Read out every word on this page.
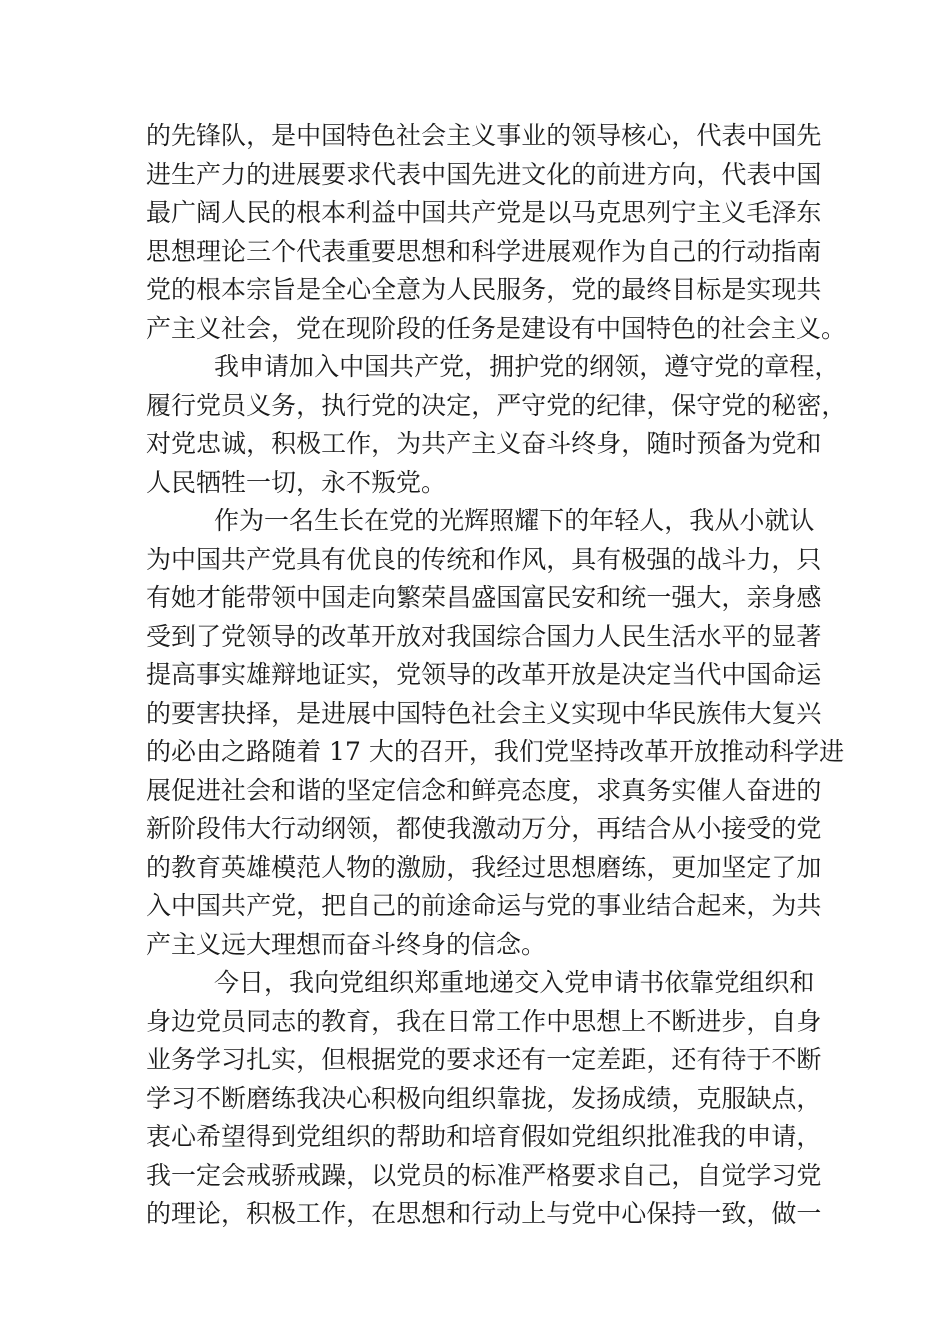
的 先 锋 队 ， 是 中 国 特 色 社 会 主 义 事 业 的 领 导 核 心 ， 代 表 中 国 先
进 生 产 力 的 进 展 要 求 代 表 中 国 先 进 文 化 的 前 进 方 向 ， 代 表 中 国
最 广 阔 人 民 的 根 本 利 益 中 国 共 产 党 是 以 马 克 思 列 宁 主 义 毛 泽 东
思 想 理 论 三 个 代 表 重 要 思 想 和 科 学 进 展 观 作 为 自 己 的 行 动 指 南
党 的 根 本 宗 旨 是 全 心 全 意 为 人 民 服 务 ， 党 的 最 终 目 标 是 实 现 共
产主义社会，党在现阶段的任务是建设有中国特色的社会主义。
我 申 请 加 入 中 国 共 产 党 ， 拥 护 党 的 纲 领 ， 遵 守 党 的 章 程 ，
履 行 党 员 义 务 ， 执 行 党 的 决 定 ， 严 守 党 的 纪 律 ， 保 守 党 的 秘 密 ，
对 党 忠 诚 ， 积 极 工 作 ， 为 共 产 主 义 奋 斗 终 身 ， 随 时 预 备 为 党 和
人民牺牲一切，永不叛党。
作 为 一 名 生 长 在 党 的 光 辉 照 耀 下 的 年 轻 人 ， 我 从 小 就 认
为 中 国 共 产 党 具 有 优 良 的 传 统 和 作 风 ， 具 有 极 强 的 战 斗 力 ， 只
有 她 才 能 带 领 中 国 走 向 繁 荣 昌 盛 国 富 民 安 和 统 一 强 大 ， 亲 身 感
受 到 了 党 领 导 的 改 革 开 放 对 我 国 综 合 国 力 人 民 生 活 水 平 的 显 著
提 高 事 实 雄 辩 地 证 实 ， 党 领 导 的 改 革 开 放 是 决 定 当 代 中 国 命 运
的 要 害 抉 择 ， 是 进 展 中 国 特 色 社 会 主 义 实 现 中 华 民 族 伟 大 复 兴
的 必 由 之 路 随 着 17 大 的 召 开 ， 我 们 党 坚 持 改 革 开 放 推 动 科 学 进
展 促 进 社 会 和 谐 的 坚 定 信 念 和 鲜 亮 态 度 ， 求 真 务 实 催 人 奋 进 的
新 阶 段 伟 大 行 动 纲 领 ， 都 使 我 激 动 万 分 ， 再 结 合 从 小 接 受 的 党
的 教 育 英 雄 模 范 人 物 的 激 励 ， 我 经 过 思 想 磨 练 ， 更 加 坚 定 了 加
入 中 国 共 产 党 ， 把 自 己 的 前 途 命 运 与 党 的 事 业 结 合 起 来 ， 为 共
产主义远大理想而奋斗终身的信念。
今 日 ， 我 向 党 组 织 郑 重 地 递 交 入 党 申 请 书 依 靠 党 组 织 和
身 边 党 员 同 志 的 教 育 ， 我 在 日 常 工 作 中 思 想 上 不 断 进 步 ， 自 身
业 务 学 习 扎 实 ， 但 根 据 党 的 要 求 还 有 一 定 差 距 ， 还 有 待 于 不 断
学 习 不 断 磨 练 我 决 心 积 极 向 组 织 靠 拢 ， 发 扬 成 绩 ， 克 服 缺 点 ，
衷 心 希 望 得 到 党 组 织 的 帮 助 和 培 育 假 如 党 组 织 批 准 我 的 申 请 ，
我 一 定 会 戒 骄 戒 躁 ， 以 党 员 的 标 准 严 格 要 求 自 己 ， 自 觉 学 习 党
的 理 论 ， 积 极 工 作 ， 在 思 想 和 行 动 上 与 党 中 心 保 持 一 致 ， 做 一
